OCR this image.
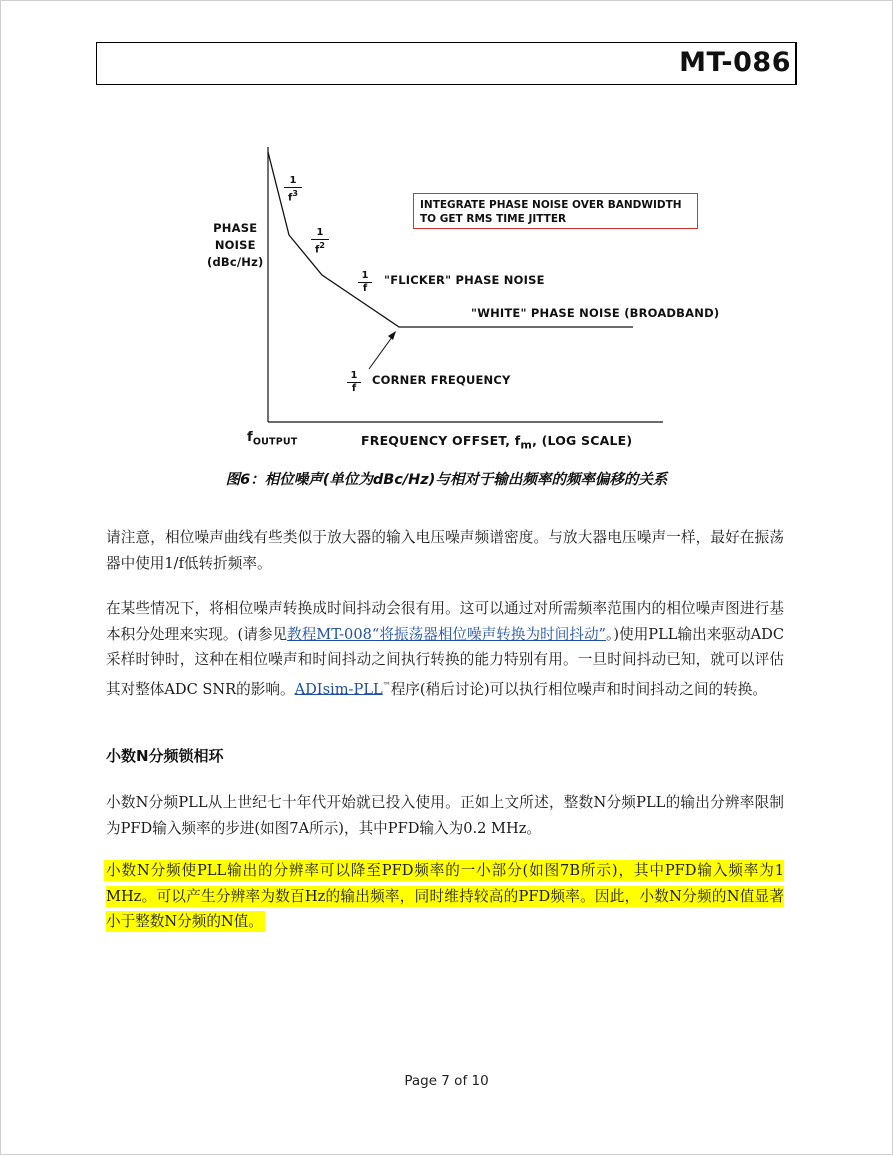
MT-086
PHASE
NOISE
(dBc/Hz)
$\frac{1}{f^3}$
$\frac{1}{f^2}$
$\frac{1}{f}$ "FLICKER" PHASE NOISE
"WHITE" PHASE NOISE (BROADBAND)
$\frac{1}{f}$ CORNER FREQUENCY
INTEGRATE PHASE NOISE OVER BANDWIDTH
TO GET RMS TIME JITTER
$f_{OUTPUT}$	FREQUENCY OFFSET, $f_m$, (LOG SCALE)
图6：相位噪声(单位为dBc/Hz)与相对于输出频率的频率偏移的关系

请注意，相位噪声曲线有些类似于放大器的输入电压噪声频谱密度。与放大器电压噪声一样，最好在振荡器中使用1/f低转折频率。

在某些情况下，将相位噪声转换成时间抖动会很有用。这可以通过对所需频率范围内的相位噪声图进行基本积分处理来实现。(请参见教程MT-008“将振荡器相位噪声转换为时间抖动”。)使用PLL输出来驱动ADC采样时钟时，这种在相位噪声和时间抖动之间执行转换的能力特别有用。一旦时间抖动已知，就可以评估其对整体ADC SNR的影响。ADIsim-PLL™程序(稍后讨论)可以执行相位噪声和时间抖动之间的转换。

小数N分频锁相环

小数N分频PLL从上世纪七十年代开始就已投入使用。正如上文所述，整数N分频PLL的输出分辨率限制为PFD输入频率的步进(如图7A所示)，其中PFD输入为0.2 MHz。

小数N分频使PLL输出的分辨率可以降至PFD频率的一小部分(如图7B所示)，其中PFD输入频率为1 MHz。可以产生分辨率为数百Hz的输出频率，同时维持较高的PFD频率。因此，小数N分频的N值显著小于整数N分频的N值。

Page 7 of 10
